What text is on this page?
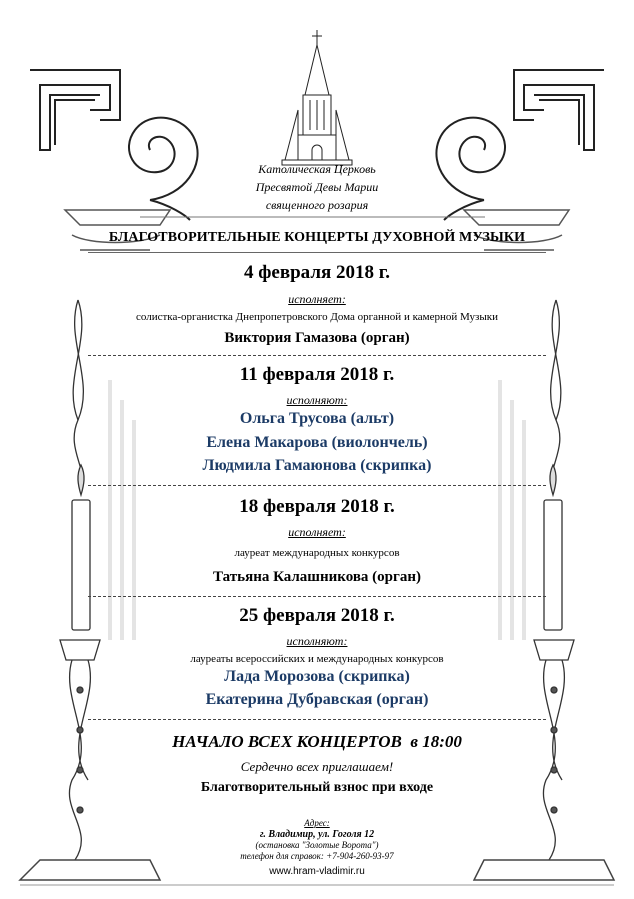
Католическая Церковь
Пресвятой Девы Марии
священного розария
БЛАГОТВОРИТЕЛЬНЫЕ КОНЦЕРТЫ ДУХОВНОЙ МУЗЫКИ
4 февраля 2018 г.
исполняет:
солистка-органистка Днепропетровского Дома органной и камерной Музыки
Виктория Гамазова (орган)
11 февраля 2018 г.
исполняют:
Ольга Трусова (альт)
Елена Макарова (виолончель)
Людмила Гамаюнова (скрипка)
18 февраля 2018 г.
исполняет:
лауреат международных конкурсов
Татьяна Калашникова (орган)
25 февраля 2018 г.
исполняют:
лауреаты всероссийских и международных конкурсов
Лада Морозова (скрипка)
Екатерина Дубравская (орган)
НАЧАЛО ВСЕХ КОНЦЕРТОВ  в 18:00
Сердечно всех приглашаем!
Благотворительный взнос при входе
Адрес:
г. Владимир, ул. Гоголя 12
(остановка "Золотые Ворота")
телефон для справок: +7-904-260-93-97
www.hram-vladimir.ru
